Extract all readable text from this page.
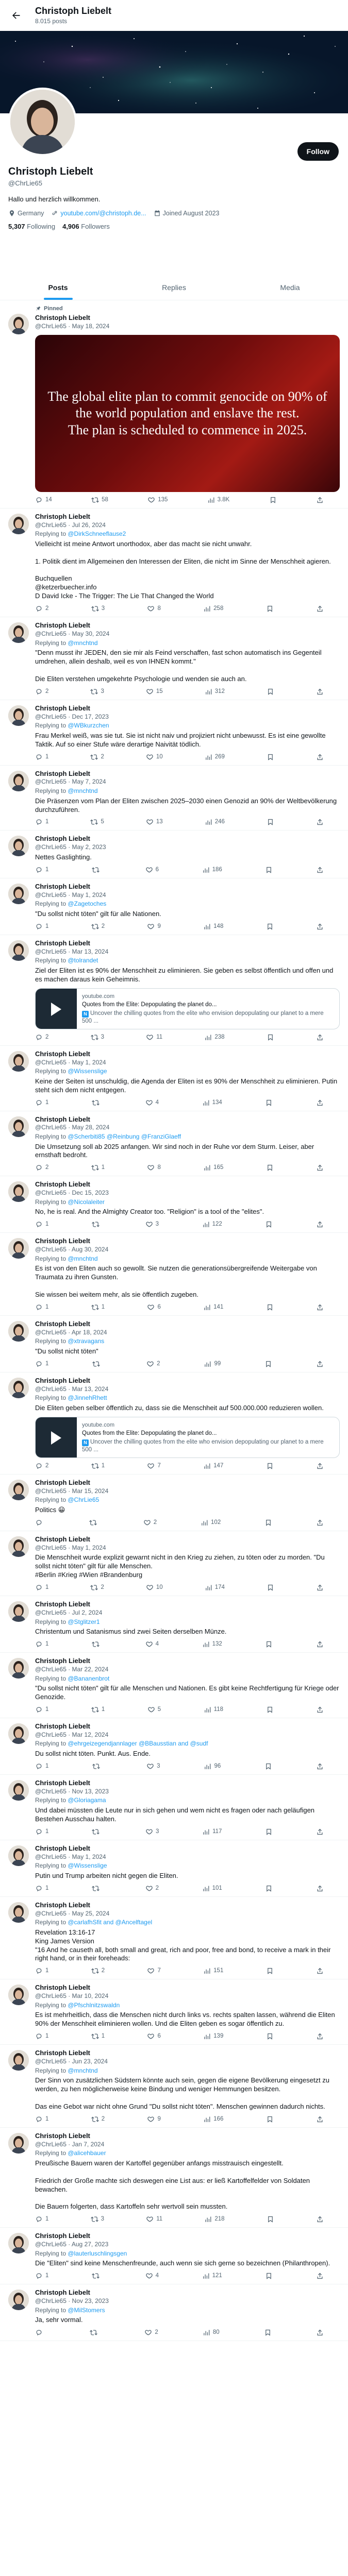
Christoph Liebelt
8.015 posts
Follow
Christoph Liebelt
@ChrLie65
Hallo und herzlich willkommen.
Germany	youtube.com/@christoph.de...	Joined August 2023
5,307 Following 4,906 Followers
Posts	Replies	Media
Pinned
Christoph Liebelt
@ChrLie65 · May 18, 2024
The global elite plan to commit genocide on 90% of the world population and enslave the rest.
The plan is scheduled to commence in 2025.
14	58	135	3.8K
Christoph Liebelt
@ChrLie65 · Jul 26, 2024
Replying to @DirkSchneeflause2
Vielleicht ist meine Antwort unorthodox, aber das macht sie nicht unwahr.

1. Politik dient im Allgemeinen den Interessen der Eliten, die nicht im Sinne der Menschheit agieren.

Buchquellen
@ketzerbuecher.info
D David Icke - The Trigger: The Lie That Changed the World
2	3	8	258
Christoph Liebelt
@ChrLie65 · May 30, 2024
Replying to @mnchtnd
"Denn musst ihr JEDEN, den sie mir als Feind verschaffen, fast schon automatisch ins Gegenteil umdrehen, allein deshalb, weil es von IHNEN kommt."

Die Eliten verstehen umgekehrte Psychologie und wenden sie auch an.
2	3	15	312
Christoph Liebelt
@ChrLie65 · Dec 17, 2023
Replying to @WBkurzchen
Frau Merkel weiß, was sie tut. Sie ist nicht naiv und projiziert nicht unbewusst. Es ist eine gewollte Taktik. Auf so einer Stufe wäre derartige Naivität tödlich.
1	2	10	269
Christoph Liebelt
@ChrLie65 · May 7, 2024
Replying to @mnchtnd
Die Präsenzen vom Plan der Eliten zwischen 2025–2030 einen Genozid an 90% der Weltbevölkerung durchzuführen.
1	5	13	246
Christoph Liebelt
@ChrLie65 · May 2, 2023
Nettes Gaslighting.
1	6	186
Christoph Liebelt
@ChrLie65 · May 1, 2024
Replying to @Zagetoches
"Du sollst nicht töten" gilt für alle Nationen.
1	2	9	148
Christoph Liebelt
@ChrLie65 · Mar 13, 2024
Replying to @tolrandet
Ziel der Eliten ist es 90% der Menschheit zu eliminieren. Sie geben es selbst öffentlich und offen und es machen daraus kein Geheimnis.
youtube.com
Quotes from the Elite: Depopulating the planet do...
N Uncover the chilling quotes from the elite who envision depopulating our planet to a mere 500 ...
2	3	11	238
Christoph Liebelt
@ChrLie65 · May 1, 2024
Replying to @Wissenslige
Keine der Seiten ist unschuldig, die Agenda der Eliten ist es 90% der Menschheit zu eliminieren. Putin steht sich dem nicht entgegen.
1	4	134
Christoph Liebelt
@ChrLie65 · May 28, 2024
Replying to @Scherbiti85 @Reinbung @FranziGlaeff
Die Umsetzung soll ab 2025 anfangen. Wir sind noch in der Ruhe vor dem Sturm. Leiser, aber ernsthaft bedroht.
2	1	8	165
Christoph Liebelt
@ChrLie65 · Dec 15, 2023
Replying to @Nicolaleiter
No, he is real. And the Almighty Creator too. "Religion" is a tool of the "elites".
1	3	122
Christoph Liebelt
@ChrLie65 · Aug 30, 2024
Replying to @mnchtnd
Es ist von den Eliten auch so gewollt. Sie nutzen die generationsübergreifende Weitergabe von Traumata zu ihren Gunsten.

Sie wissen bei weitem mehr, als sie öffentlich zugeben.
1	1	6	141
Christoph Liebelt
@ChrLie65 · Apr 18, 2024
Replying to @xtravagans
"Du sollst nicht töten"
1	2	99
Christoph Liebelt
@ChrLie65 · Mar 13, 2024
Replying to @JinnehRhett
Die Eliten geben selber öffentlich zu, dass sie die Menschheit auf 500.000.000 reduzieren wollen.
youtube.com
Quotes from the Elite: Depopulating the planet do...
N Uncover the chilling quotes from the elite who envision depopulating our planet to a mere 500 ...
2	1	7	147
Christoph Liebelt
@ChrLie65 · Mar 15, 2024
Replying to @ChrLie65
Politics 😀
2	102
Christoph Liebelt
@ChrLie65 · May 1, 2024
Die Menschheit wurde explizit gewarnt nicht in den Krieg zu ziehen, zu töten oder zu morden. "Du sollst nicht töten" gilt für alle Menschen.
#Berlin #Krieg #Wien #Brandenburg
1	2	10	174
Christoph Liebelt
@ChrLie65 · Jul 2, 2024
Replying to @Stglitzer1
Christentum und Satanismus sind zwei Seiten derselben Münze.
1	4	132
Christoph Liebelt
@ChrLie65 · Mar 22, 2024
Replying to @Bananenbrot
"Du sollst nicht töten" gilt für alle Menschen und Nationen. Es gibt keine Rechtfertigung für Kriege oder Genozide.
1	1	5	118
Christoph Liebelt
@ChrLie65 · Mar 12, 2024
Replying to @ehrgeizegendjannlager @BBausstian and @sudf
Du sollst nicht töten. Punkt. Aus. Ende.
1	3	96
Christoph Liebelt
@ChrLie65 · Nov 13, 2023
Replying to @Gloriagama
Und dabei müssten die Leute nur in sich gehen und wem nicht es fragen oder nach geläufigen Bestehen Ausschau halten.
1	3	117
Christoph Liebelt
@ChrLie65 · May 1, 2024
Replying to @Wissenslige
Putin und Trump arbeiten nicht gegen die Eliten.
1	2	101
Christoph Liebelt
@ChrLie65 · May 25, 2024
Replying to @carlafhSfit and @Ancelftagel
Revelation 13:16-17
King James Version
"16 And he causeth all, both small and great, rich and poor, free and bond, to receive a mark in their right hand, or in their foreheads:
1	2	7	151
Christoph Liebelt
@ChrLie65 · Mar 10, 2024
Replying to @Pfschlnitzswaldn
Es ist mehrheitlich, dass die Menschen nicht durch links vs. rechts spalten lassen, während die Eliten 90% der Menschheit eliminieren wollen. Und die Eliten geben es sogar öffentlich zu.
1	1	6	139
Christoph Liebelt
@ChrLie65 · Jun 23, 2024
Replying to @mnchtnd
Der Sinn von zusätzlichen Südstern könnte auch sein, gegen die eigene Bevölkerung eingesetzt zu werden, zu hen möglicherweise keine Bindung und weniger Hemmungen besitzen.

Das eine Gebot war nicht ohne Grund "Du sollst nicht töten". Menschen gewinnen dadurch nichts.
1	2	9	166
Christoph Liebelt
@ChrLie65 · Jan 7, 2024
Replying to @alicehbauer
Preußische Bauern waren der Kartoffel gegenüber anfangs misstrauisch eingestellt.

Friedrich der Große machte sich deswegen eine List aus: er ließ Kartoffelfelder von Soldaten bewachen.

Die Bauern folgerten, dass Kartoffeln sehr wertvoll sein mussten.
1	3	11	218
Christoph Liebelt
@ChrLie65 · Aug 27, 2023
Replying to @lauterluschlingsgen
Die "Eliten" sind keine Menschenfreunde, auch wenn sie sich gerne so bezeichnen (Philanthropen).
1	4	121
Christoph Liebelt
@ChrLie65 · Nov 23, 2023
Replying to @MilStomers
Ja, sehr vormal.
2	80
